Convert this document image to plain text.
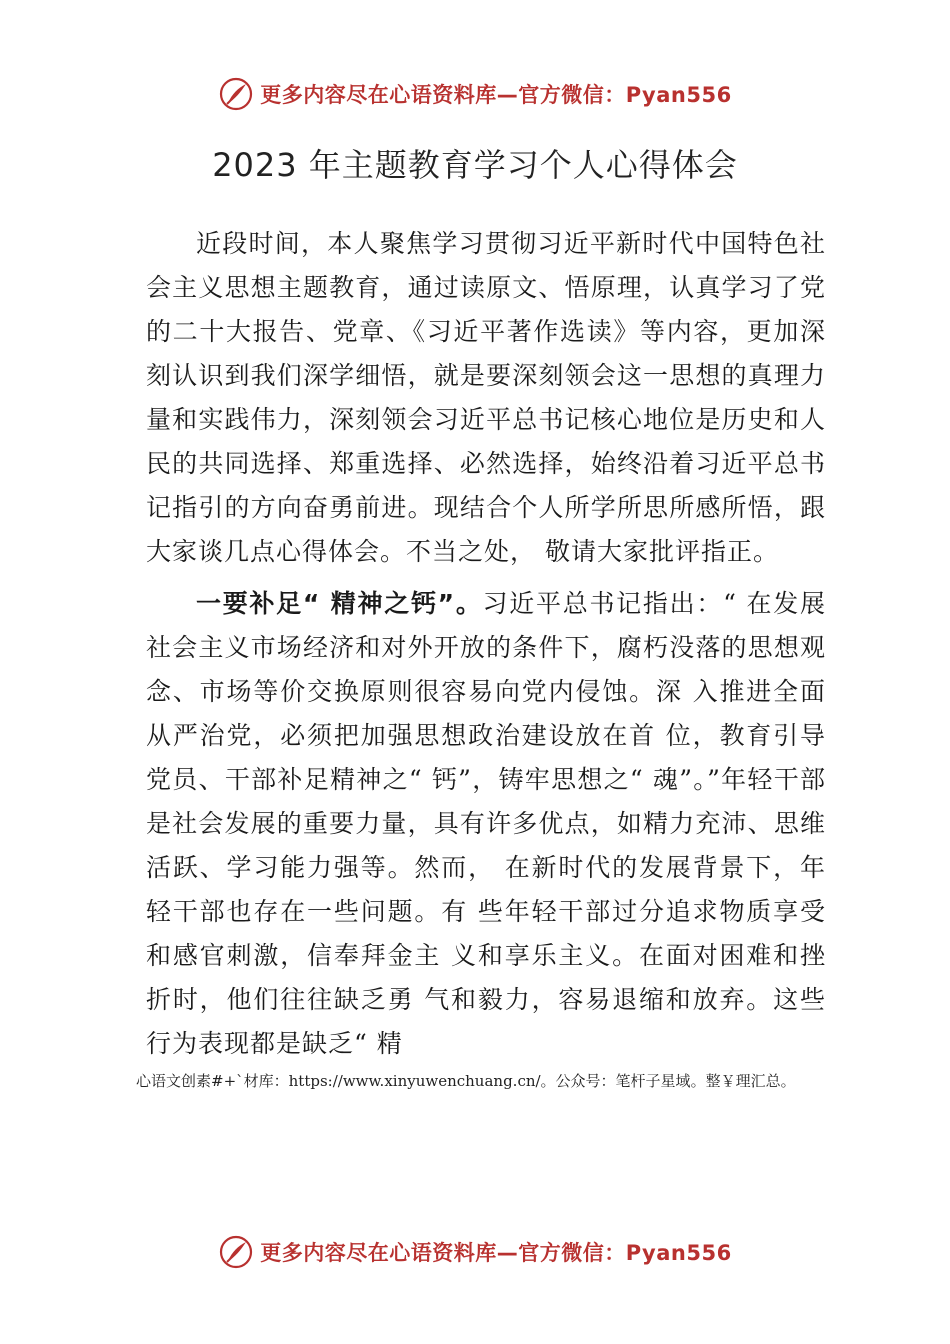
更多内容尽在心语资料库—官方微信：Pyan556
2023 年主题教育学习个人心得体会

近段时间，本人聚焦学习贯彻习近平新时代中国特色社会主义思想主题教育，通过读原文、悟原理，认真学习了党的二十大报告、党章、《习近平著作选读》等内容，更加深刻认识到我们深学细悟，就是要深刻领会这一思想的真理力量和实践伟力，深刻领会习近平总书记核心地位是历史和人民的共同选择、郑重选择、必然选择，始终沿着习近平总书记指引的方向奋勇前进。现结合个人所学所思所感所悟，跟大家谈几点心得体会。不当之处， 敬请大家批评指正。

一要补足“ 精神之钙”。习近平总书记指出：“ 在发展社会主义市场经济和对外开放的条件下，腐朽没落的思想观念、市场等价交换原则很容易向党内侵蚀。深 入推进全面从严治党，必须把加强思想政治建设放在首 位，教育引导党员、干部补足精神之“ 钙”，铸牢思想之“ 魂”。”年轻干部是社会发展的重要力量，具有许多优点，如精力充沛、思维活跃、学习能力强等。然而， 在新时代的发展背景下，年轻干部也存在一些问题。有 些年轻干部过分追求物质享受和感官刺激，信奉拜金主 义和享乐主义。在面对困难和挫折时，他们往往缺乏勇 气和毅力，容易退缩和放弃。这些行为表现都是缺乏“ 精

心语文创素#+`材库：https://www.xinyuwenchuang.cn/。公众号：笔杆子星域。整￥理汇总。
更多内容尽在心语资料库—官方微信：Pyan556
